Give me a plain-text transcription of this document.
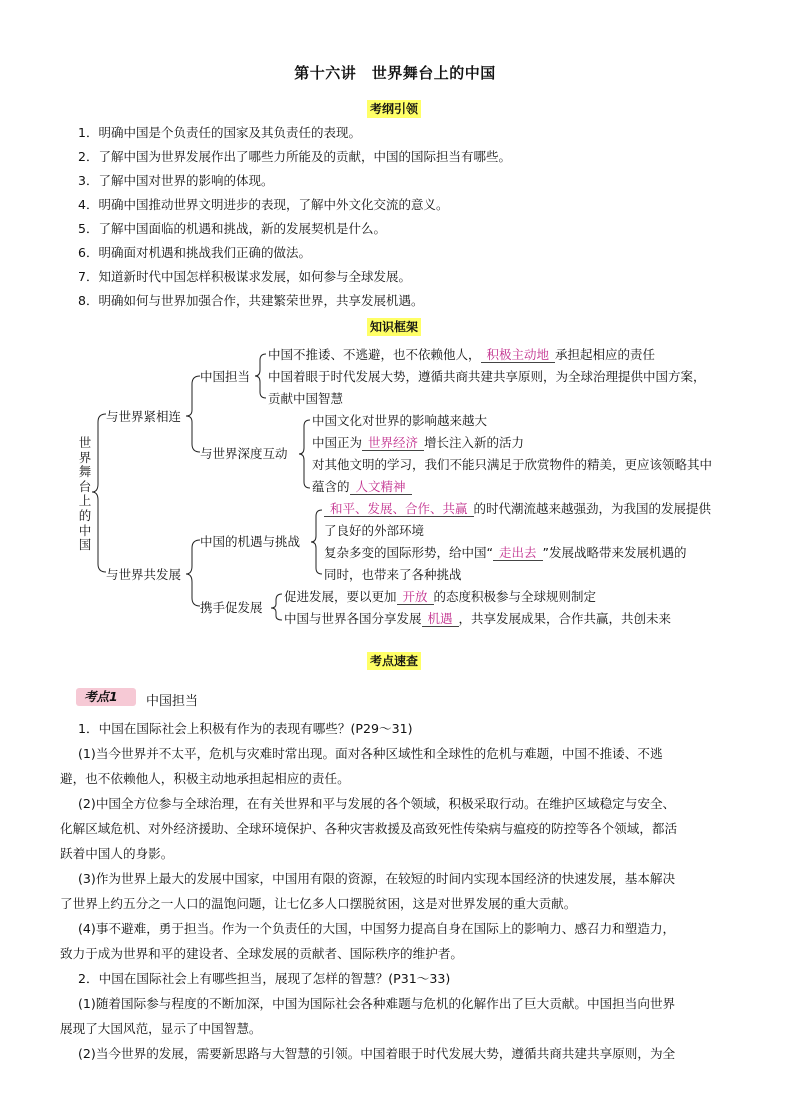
第十六讲　世界舞台上的中国
考纲引领
1．明确中国是个负责任的国家及其负责任的表现。
2．了解中国为世界发展作出了哪些力所能及的贡献，中国的国际担当有哪些。
3．了解中国对世界的影响的体现。
4．明确中国推动世界文明进步的表现，了解中外文化交流的意义。
5．了解中国面临的机遇和挑战，新的发展契机是什么。
6．明确面对机遇和挑战我们正确的做法。
7．知道新时代中国怎样积极谋求发展，如何参与全球发展。
8．明确如何与世界加强合作，共建繁荣世界，共享发展机遇。
知识框架
世界舞台上的中国
与世界紧相连
与世界共发展
中国担当
与世界深度互动
中国的机遇与挑战
携手促发展
中国不推诿、不逃避，也不依赖他人， 积极主动地 承担起相应的责任
中国着眼于时代发展大势，遵循共商共建共享原则，为全球治理提供中国方案，
贡献中国智慧
中国文化对世界的影响越来越大
中国正为 世界经济 增长注入新的活力
对其他文明的学习，我们不能只满足于欣赏物件的精美，更应该领略其中
蕴含的 人文精神
和平、发展、合作、共赢 的时代潮流越来越强劲，为我国的发展提供
了良好的外部环境
复杂多变的国际形势，给中国“ 走出去 ”发展战略带来发展机遇的
同时，也带来了各种挑战
促进发展，要以更加 开放 的态度积极参与全球规则制定
中国与世界各国分享发展 机遇 ，共享发展成果，合作共赢，共创未来
考点速查
考点1	中国担当
1．中国在国际社会上积极有作为的表现有哪些？(P29～31)
(1)当今世界并不太平，危机与灾难时常出现。面对各种区域性和全球性的危机与难题，中国不推诿、不逃
避，也不依赖他人，积极主动地承担起相应的责任。
(2)中国全方位参与全球治理，在有关世界和平与发展的各个领域，积极采取行动。在维护区域稳定与安全、
化解区域危机、对外经济援助、全球环境保护、各种灾害救援及高致死性传染病与瘟疫的防控等各个领域，都活
跃着中国人的身影。
(3)作为世界上最大的发展中国家，中国用有限的资源，在较短的时间内实现本国经济的快速发展，基本解决
了世界上约五分之一人口的温饱问题，让七亿多人口摆脱贫困，这是对世界发展的重大贡献。
(4)事不避难，勇于担当。作为一个负责任的大国，中国努力提高自身在国际上的影响力、感召力和塑造力，
致力于成为世界和平的建设者、全球发展的贡献者、国际秩序的维护者。
2．中国在国际社会上有哪些担当，展现了怎样的智慧？(P31～33)
(1)随着国际参与程度的不断加深，中国为国际社会各种难题与危机的化解作出了巨大贡献。中国担当向世界
展现了大国风范，显示了中国智慧。
(2)当今世界的发展，需要新思路与大智慧的引领。中国着眼于时代发展大势，遵循共商共建共享原则，为全
